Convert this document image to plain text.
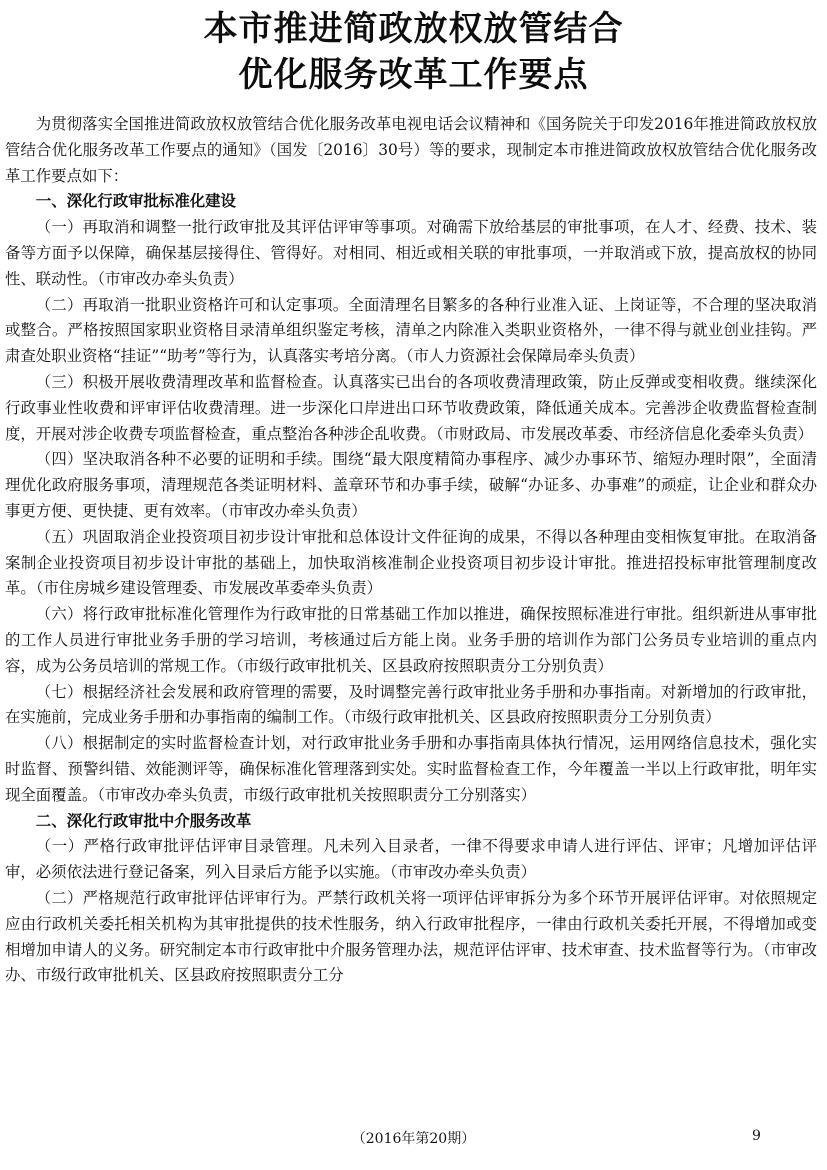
本市推进简政放权放管结合
优化服务改革工作要点

为贯彻落实全国推进简政放权放管结合优化服务改革电视电话会议精神和《国务院关于印发2016年推进简政放权放管结合优化服务改革工作要点的通知》（国发〔2016〕30号）等的要求，现制定本市推进简政放权放管结合优化服务改革工作要点如下：

一、深化行政审批标准化建设

（一）再取消和调整一批行政审批及其评估评审等事项。对确需下放给基层的审批事项，在人才、经费、技术、装备等方面予以保障，确保基层接得住、管得好。对相同、相近或相关联的审批事项，一并取消或下放，提高放权的协同性、联动性。（市审改办牵头负责）

（二）再取消一批职业资格许可和认定事项。全面清理名目繁多的各种行业准入证、上岗证等，不合理的坚决取消或整合。严格按照国家职业资格目录清单组织鉴定考核，清单之内除准入类职业资格外，一律不得与就业创业挂钩。严肃查处职业资格“挂证”“助考”等行为，认真落实考培分离。（市人力资源社会保障局牵头负责）

（三）积极开展收费清理改革和监督检查。认真落实已出台的各项收费清理政策，防止反弹或变相收费。继续深化行政事业性收费和评审评估收费清理。进一步深化口岸进出口环节收费政策，降低通关成本。完善涉企收费监督检查制度，开展对涉企收费专项监督检查，重点整治各种涉企乱收费。（市财政局、市发展改革委、市经济信息化委牵头负责）

（四）坚决取消各种不必要的证明和手续。围绕“最大限度精简办事程序、减少办事环节、缩短办理时限”，全面清理优化政府服务事项，清理规范各类证明材料、盖章环节和办事手续，破解“办证多、办事难”的顽症，让企业和群众办事更方便、更快捷、更有效率。（市审改办牵头负责）

（五）巩固取消企业投资项目初步设计审批和总体设计文件征询的成果，不得以各种理由变相恢复审批。在取消备案制企业投资项目初步设计审批的基础上，加快取消核准制企业投资项目初步设计审批。推进招投标审批管理制度改革。（市住房城乡建设管理委、市发展改革委牵头负责）

（六）将行政审批标准化管理作为行政审批的日常基础工作加以推进，确保按照标准进行审批。组织新进从事审批的工作人员进行审批业务手册的学习培训，考核通过后方能上岗。业务手册的培训作为部门公务员专业培训的重点内容，成为公务员培训的常规工作。（市级行政审批机关、区县政府按照职责分工分别负责）

（七）根据经济社会发展和政府管理的需要，及时调整完善行政审批业务手册和办事指南。对新增加的行政审批，在实施前，完成业务手册和办事指南的编制工作。（市级行政审批机关、区县政府按照职责分工分别负责）

（八）根据制定的实时监督检查计划，对行政审批业务手册和办事指南具体执行情况，运用网络信息技术，强化实时监督、预警纠错、效能测评等，确保标准化管理落到实处。实时监督检查工作，今年覆盖一半以上行政审批，明年实现全面覆盖。（市审改办牵头负责，市级行政审批机关按照职责分工分别落实）

二、深化行政审批中介服务改革

（一）严格行政审批评估评审目录管理。凡未列入目录者，一律不得要求申请人进行评估、评审；凡增加评估评审，必须依法进行登记备案，列入目录后方能予以实施。（市审改办牵头负责）

（二）严格规范行政审批评估评审行为。严禁行政机关将一项评估评审拆分为多个环节开展评估评审。对依照规定应由行政机关委托相关机构为其审批提供的技术性服务，纳入行政审批程序，一律由行政机关委托开展，不得增加或变相增加申请人的义务。研究制定本市行政审批中介服务管理办法，规范评估评审、技术审查、技术监督等行为。（市审改办、市级行政审批机关、区县政府按照职责分工分

（2016年第20期）	9
